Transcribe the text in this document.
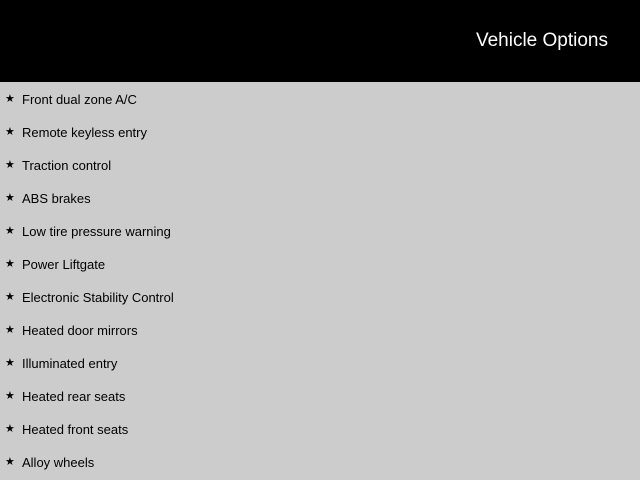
Vehicle Options
★ Front dual zone A/C
★ Remote keyless entry
★ Traction control
★ ABS brakes
★ Low tire pressure warning
★ Power Liftgate
★ Electronic Stability Control
★ Heated door mirrors
★ Illuminated entry
★ Heated rear seats
★ Heated front seats
★ Alloy wheels
